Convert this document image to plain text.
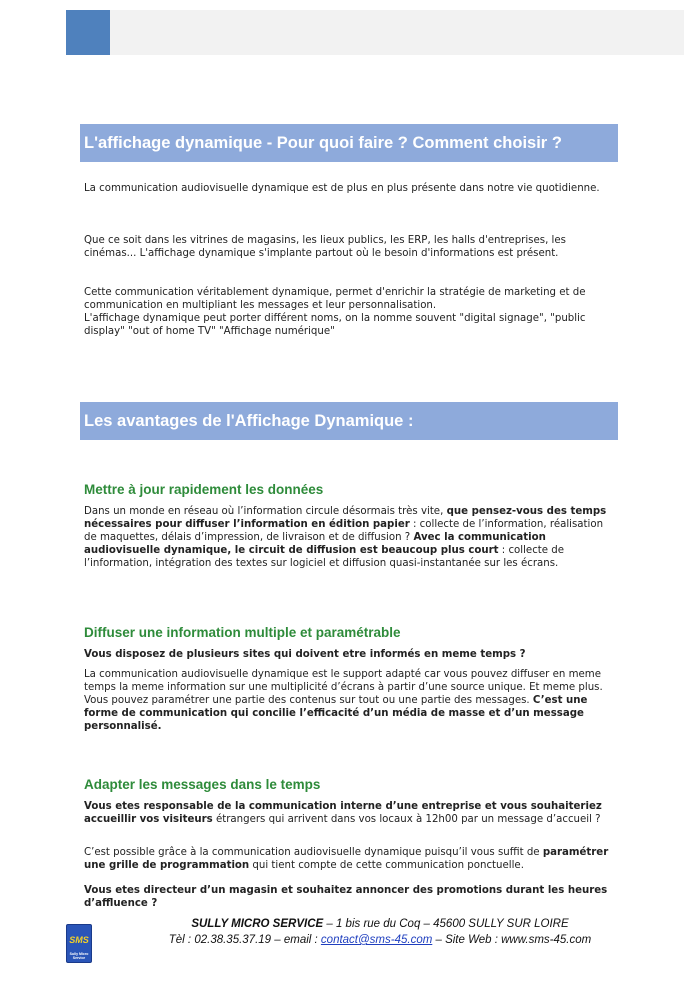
L'affichage dynamique - Pour quoi faire ? Comment choisir ?

La communication audiovisuelle dynamique est de plus en plus présente dans notre vie quotidienne.

Que ce soit dans les vitrines de magasins, les lieux publics, les ERP, les halls d'entreprises, les cinémas... L'affichage dynamique s'implante partout où le besoin d'informations est présent.

Cette communication véritablement dynamique, permet d'enrichir la stratégie de marketing et de communication en multipliant les messages et leur personnalisation.
L'affichage dynamique peut porter différent noms, on la nomme souvent "digital signage", "public display" "out of home TV" "Affichage numérique"

Les avantages de l'Affichage Dynamique :
Mettre à jour rapidement les données

Dans un monde en réseau où l’information circule désormais très vite, que pensez-vous des temps nécessaires pour diffuser l’information en édition papier : collecte de l’information, réalisation de maquettes, délais d’impression, de livraison et de diffusion ? Avec la communication audiovisuelle dynamique, le circuit de diffusion est beaucoup plus court : collecte de l’information, intégration des textes sur logiciel et diffusion quasi-instantanée sur les écrans.

Diffuser une information multiple et paramétrable

Vous disposez de plusieurs sites qui doivent etre informés en meme temps ?

La communication audiovisuelle dynamique est le support adapté car vous pouvez diffuser en meme temps la meme information sur une multiplicité d’écrans à partir d’une source unique. Et meme plus. Vous pouvez paramétrer une partie des contenus sur tout ou une partie des messages. C’est une forme de communication qui concilie l’efficacité d’un média de masse et d’un message personnalisé.

Adapter les messages dans le temps

Vous etes responsable de la communication interne d’une entreprise et vous souhaiteriez accueillir vos visiteurs étrangers qui arrivent dans vos locaux à 12h00 par un message d’accueil ?

C’est possible grâce à la communication audiovisuelle dynamique puisqu’il vous suffit de paramétrer une grille de programmation qui tient compte de cette communication ponctuelle.

Vous etes directeur d’un magasin et souhaitez annoncer des promotions durant les heures d’affluence ?

SMS
Sully Micro Service
SULLY MICRO SERVICE – 1 bis rue du Coq – 45600 SULLY SUR LOIRE
Tèl : 02.38.35.37.19 – email : contact@sms-45.com – Site Web : www.sms-45.com
